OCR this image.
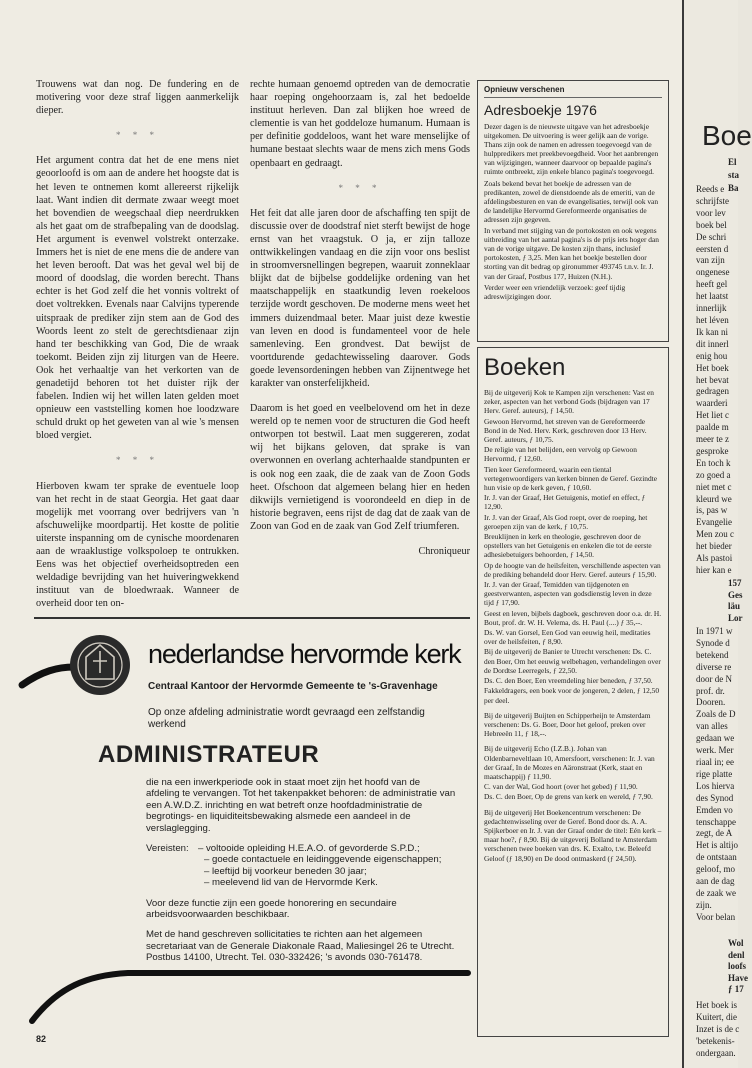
Trouwens wat dan nog. De fundering en de motivering voor deze straf liggen aanmerkelijk dieper.

* * *

Het argument contra dat het de ene mens niet geoorloofd is om aan de andere het hoogste dat is het leven te ontnemen komt allereerst rijkelijk laat. Want indien dit dermate zwaar weegt moet het bovendien de weegschaal diep neerdrukken als het gaat om de strafbepaling van de doodslag. Het argument is evenwel volstrekt onterzake. Immers het is niet de ene mens die de andere van het leven berooft. Dat was het geval wel bij de moord of doodslag, die worden berecht. Thans echter is het God zelf die het vonnis voltrekt of doet voltrekken. Evenals naar Calvijns typerende uitspraak de prediker zijn stem aan de God des Woords leent zo stelt de gerechtsdienaar zijn hand ter beschikking van God, Die de wraak toekomt. Beiden zijn zij liturgen van de Heere. Ook het verhaaltje van het verkorten van de genadetijd behoren tot het duister rijk der fabelen. Indien wij het willen laten gelden moet opnieuw een vaststelling komen hoe loodzware schuld drukt op het geweten van al wie 's mensen bloed vergiet.

* * *

Hierboven kwam ter sprake de eventuele loop van het recht in de staat Georgia. Het gaat daar mogelijk met voorrang over bedrijvers van 'n afschuwelijke moordpartij. Het kostte de politie uiterste inspanning om de cynische moordenaren aan de wraaklustige volkspoloep te ontrukken. Eens was het objectief overheidsoptreden een weldadige bevrijding van het huiveringwekkend instituut van de bloedwraak. Wanneer de overheid door ten on-

rechte humaan genoemd optreden van de democratie haar roeping ongehoorzaam is, zal het bedoelde instituut herleven. Dan zal blijken hoe wreed de clementie is van het goddeloze humanum. Humaan is per definitie goddeloos, want het ware menselijke of humane bestaat slechts waar de mens zich mens Gods openbaart en gedraagt.

* * *

Het feit dat alle jaren door de afschaffing ten spijt de discussie over de doodstraf niet sterft bewijst de hoge ernst van het vraagstuk. O ja, er zijn talloze onttwikkelingen vandaag en die zijn voor ons beslist in stroomversnellingen begrepen, waaruit zonneklaar blijkt dat de bijbelse goddelijke ordening van het maatschappelijk en staatkundig leven roekeloos terzijde wordt geschoven. De moderne mens weet het immers duizendmaal beter. Maar juist deze kwestie van leven en dood is fundamenteel voor de hele samenleving. Een grondvest. Dat bewijst de voortdurende gedachtewisseling daarover. Gods goede levensordeningen hebben van Zijnentwege het karakter van onsterfelijkheid.

Daarom is het goed en veelbelovend om het in deze wereld op te nemen voor de structuren die God heeft ontworpen tot bestwil. Laat men suggereren, zodat wij het bijkans geloven, dat sprake is van overwonnen en overlang achterhaalde standpunten er is ook nog een zaak, die de zaak van de Zoon Gods heet. Ofschoon dat algemeen belang hier en heden dikwijls vernietigend is voorondeeld en diep in de historie begraven, eens rijst de dag dat de zaak van de Zoon van God en de zaak van God Zelf triumferen.

Chroniqueur
Opnieuw verschenen
Adresboekje 1976

Dezer dagen is de nieuwste uitgave van het adresboekje uitgekomen. De uitvoering is weer gelijk aan de vorige. Thans zijn ook de namen en adressen toegevoegd van de hulppredikers met preekbevoegdheid. Voor het aanbrengen van wijzigingen, wanneer daarvoor op bepaalde pagina's ruimte ontbreekt, zijn enkele blanco pagina's toegevoegd.

Zoals bekend bevat het boekje de adressen van de predikanten, zowel de dienstdoende als de emeriti, van de afdelingsbesturen en van de evangelisaties, terwijl ook van de landelijke Hervormd Gereformeerde organisaties de adressen zijn gegeven.

In verband met stijging van de portokosten en ook wegens uitbreiding van het aantal pagina's is de prijs iets hoger dan van de vorige uitgave. De kosten zijn thans, inclusief portokosten, ƒ 3,25. Men kan het boekje bestellen door storting van dit bedrag op gironummer 493745 t.n.v. Ir. J. van der Graaf, Postbus 177, Huizen (N.H.).

Verder weer een vriendelijk verzoek: geef tijdig adreswijzigingen door.

Boeken

Bij de uitgeverij Kok te Kampen zijn verschenen: Vast en zeker, aspecten van het verbond Gods (bijdragen van 17 Herv. Geref. auteurs), ƒ 14,50.

Gewoon Hervormd, het streven van de Gereformeerde Bond in de Ned. Herv. Kerk, geschreven door 13 Herv. Geref. auteurs, ƒ 10,75.

De religie van het belijden, een vervolg op Gewoon Hervormd, ƒ 12,60.

Tien keer Gereformeerd, waarin een tiental vertegenwoordigers van kerken binnen de Geref. Gezindte hun visie op de kerk geven, ƒ 10,60.

Ir. J. van der Graaf, Het Getuigenis, motief en effect, ƒ 12,90.

Ir. J. van der Graaf, Als God roept, over de roeping, het geroepen zijn van de kerk, ƒ 10,75.

Breuklijnen in kerk en theologie, geschreven door de opstellers van het Getuigenis en enkelen die tot de eerste adhesiebetuigers behoorden, ƒ 14,50.

Op de hoogte van de heilsfeiten, verschillende aspecten van de prediking behandeld door Herv. Geref. auteurs ƒ 15,90.

Ir. J. van der Graaf, Temidden van tijdgenoten en geestverwanten, aspecten van godsdienstig leven in deze tijd ƒ 17,90.

Geest en leven, bijbels dagboek, geschreven door o.a. dr. H. Bout, prof. dr. W. H. Velema, ds. H. Paul (....) ƒ 35,--.

Ds. W. van Gorsel, Een God van eeuwig heil, meditaties over de heilsfeiten, ƒ 8,90.

Bij de uitgeverij de Banier te Utrecht verschenen: Ds. C. den Boer, Om het eeuwig welbehagen, verhandelingen over de Dordtse Leerregels, ƒ 22,50.

Ds. C. den Boer, Een vreemdeling hier beneden, ƒ 37,50.

Fakkeldragers, een boek voor de jongeren, 2 delen, ƒ 12,50 per deel.

Bij de uitgeverij Buijten en Schipperheijn te Amsterdam verschenen: Ds. G. Boer, Door het geloof, preken over Hebreeën 11, ƒ 18,--.

Bij de uitgeverij Echo (I.Z.B.). Johan van Oldenbarneveltlaan 10, Amersfoort, verschenen: Ir. J. van der Graaf, In de Mozes en Aäronstraat (Kerk, staat en maatschappij) ƒ 11,90.

C. van der Wal, God hoort (over het gebed) ƒ 11,90.

Ds. C. den Boer, Op de grens van kerk en wereld, ƒ 7,90.

Bij de uitgeverij Het Boekencentrum verschenen: De gedachtenwisseling over de Geref. Bond door ds. A. A. Spijkerboer en Ir. J. van der Graaf onder de titel: Eén kerk – maar hoe?, ƒ 8,90. Bij de uitgeverij Bolland te Amsterdam verschenen twee boeken van drs. K. Exalto, t.w. Beleefd Geloof (ƒ 18,90) en De dood ontmaskerd (ƒ 24,50).

nederlandse hervormde kerk
Centraal Kantoor der Hervormde Gemeente te 's-Gravenhage
Op onze afdeling administratie wordt gevraagd een zelfstandig werkend
ADMINISTRATEUR
die na een inwerkperiode ook in staat moet zijn het hoofd van de afdeling te vervangen. Tot het takenpakket behoren: de administratie van een A.W.D.Z. inrichting en wat betreft onze hoofdadministratie de begrotings- en liquiditeitsbewaking alsmede een aandeel in de verslaglegging.
Vereisten: – voltooide opleiding H.E.A.O. of gevorderde S.P.D.;
– goede contactuele en leidinggevende eigenschappen;
– leeftijd bij voorkeur beneden 30 jaar;
– meelevend lid van de Hervormde Kerk.
Voor deze functie zijn een goede honorering en secundaire arbeidsvoorwaarden beschikbaar.
Met de hand geschreven sollicitaties te richten aan het algemeen secretariaat van de Generale Diakonale Raad, Maliesingel 26 te Utrecht. Postbus 14100, Utrecht. Tel. 030-332426; 's avonds 030-761478.
82
Boe
El
sta
Ba
Reeds e
schrijfste
voor lev
boek bel
De schri
eersten d
van zijn
ongenese
heeft gel
het laatst
innerlijk
het léven
Ik kan ni
dit innerl
enig hou
Het boek
het bevat
gedragen
waarderi
Het liet c
paalde m
meer te z
gesproke
En toch k
zo goed a
niet met c
kleurd we
is, pas w
Evangelie
Men zou c
het bieder
Als pastoi
hier kan e
157
Ges
läu
Lor
In 1971 w
Synode d
betekend
diverse re
door de N
prof. dr.
Dooren.
Zoals de D
van alles
gedaan we
werk. Mer
riaal in; ee
rige platte
Los hierva
des Synod
Emden vo
tenschappe
zegt, de A
Het is altijo
de ontstaan
geloof, mo
aan de dag
de zaak we
zijn.
Voor belan
Wol
denl
loofs
Have
ƒ 17
Het boek is
Kuitert, die
Inzet is de c
'betekenis-
ondergaan.
